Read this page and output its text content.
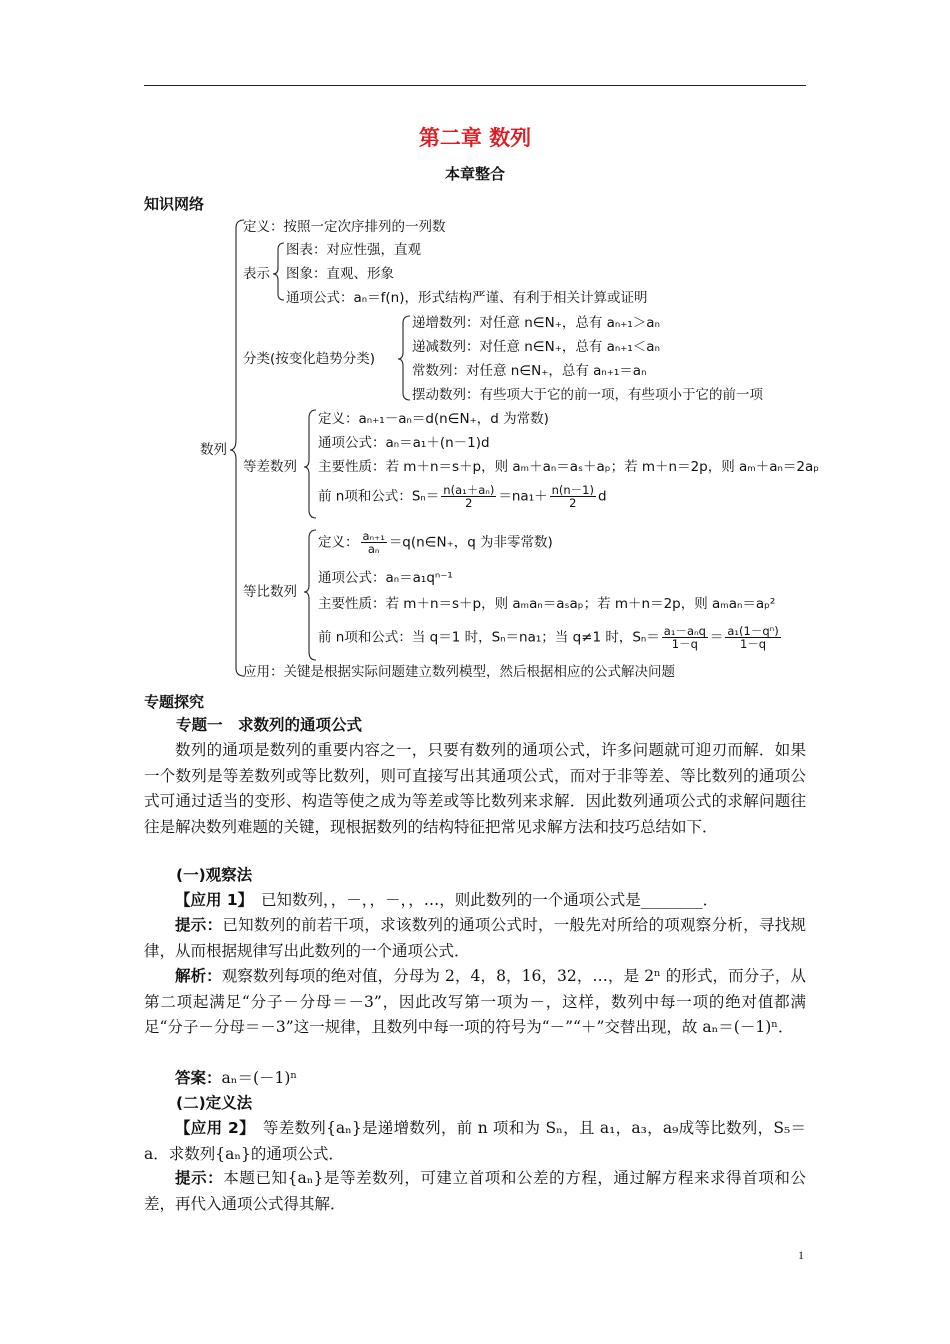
第二章 数列
本章整合
知识网络
数列
定义：按照一定次序排列的一列数
表示
图表：对应性强，直观
图象：直观、形象
通项公式：aₙ＝f(n)，形式结构严谨、有利于相关计算或证明
分类(按变化趋势分类)
递增数列：对任意 n∈N₊，总有 aₙ₊₁＞aₙ
递减数列：对任意 n∈N₊，总有 aₙ₊₁＜aₙ
常数列：对任意 n∈N₊，总有 aₙ₊₁＝aₙ
摆动数列：有些项大于它的前一项，有些项小于它的前一项
等差数列
定义：aₙ₊₁－aₙ＝d(n∈N₊，d 为常数)
通项公式：aₙ＝a₁＋(n－1)d
主要性质：若 m＋n＝s＋p，则 aₘ＋aₙ＝aₛ＋aₚ；若 m＋n＝2p，则 aₘ＋aₙ＝2aₚ
前 n项和公式：$S_n= \frac{\text{n(a₁＋aₙ)}}{2} =na_1+ \frac{n(n-1)}{2}$ d
等比数列
定义： $\frac{\text{aₙ₊₁}}{\text{aₙ}}$ ＝q(n∈N₊，q 为非零常数)
通项公式：aₙ＝a₁qⁿ⁻¹
主要性质：若 m＋n＝s＋p，则 aₘaₙ＝aₛaₚ；若 m＋n＝2p，则 aₘaₙ＝aₚ²
前 n项和公式：当 q＝1 时，Sₙ＝na₁；当 q≠1 时，$S_n= \frac{\text{a₁－aₙq}}{1-q} = \frac{\text{a₁(1－qⁿ)}}{1-q}$
应用：关键是根据实际问题建立数列模型，然后根据相应的公式解决问题
专题探究
专题一　求数列的通项公式
数列的通项是数列的重要内容之一，只要有数列的通项公式，许多问题就可迎刃而解．如果一个数列是等差数列或等比数列，则可直接写出其通项公式，而对于非等差、等比数列的通项公式可通过适当的变形、构造等使之成为等差或等比数列来求解．因此数列通项公式的求解问题往往是解决数列难题的关键，现根据数列的结构特征把常见求解方法和技巧总结如下．
(一)观察法
【应用 1】　已知数列，，－，，－，，…，则此数列的一个通项公式是________．
提示：已知数列的前若干项，求该数列的通项公式时，一般先对所给的项观察分析，寻找规律，从而根据规律写出此数列的一个通项公式．
解析：观察数列每项的绝对值，分母为 2，4，8，16，32，…，是 2ⁿ 的形式，而分子，从第二项起满足“分子－分母＝－3”，因此改写第一项为－，这样，数列中每一项的绝对值都满足“分子－分母＝－3”这一规律，且数列中每一项的符号为“－”“＋”交替出现，故 aₙ＝(－1)ⁿ．
答案：aₙ＝(－1)ⁿ
(二)定义法
【应用 2】　等差数列{aₙ}是递增数列，前 n 项和为 Sₙ，且 a₁，a₃，a₉成等比数列，S₅＝a．求数列{aₙ}的通项公式．
提示：本题已知{aₙ}是等差数列，可建立首项和公差的方程，通过解方程来求得首项和公差，再代入通项公式得其解．
1
